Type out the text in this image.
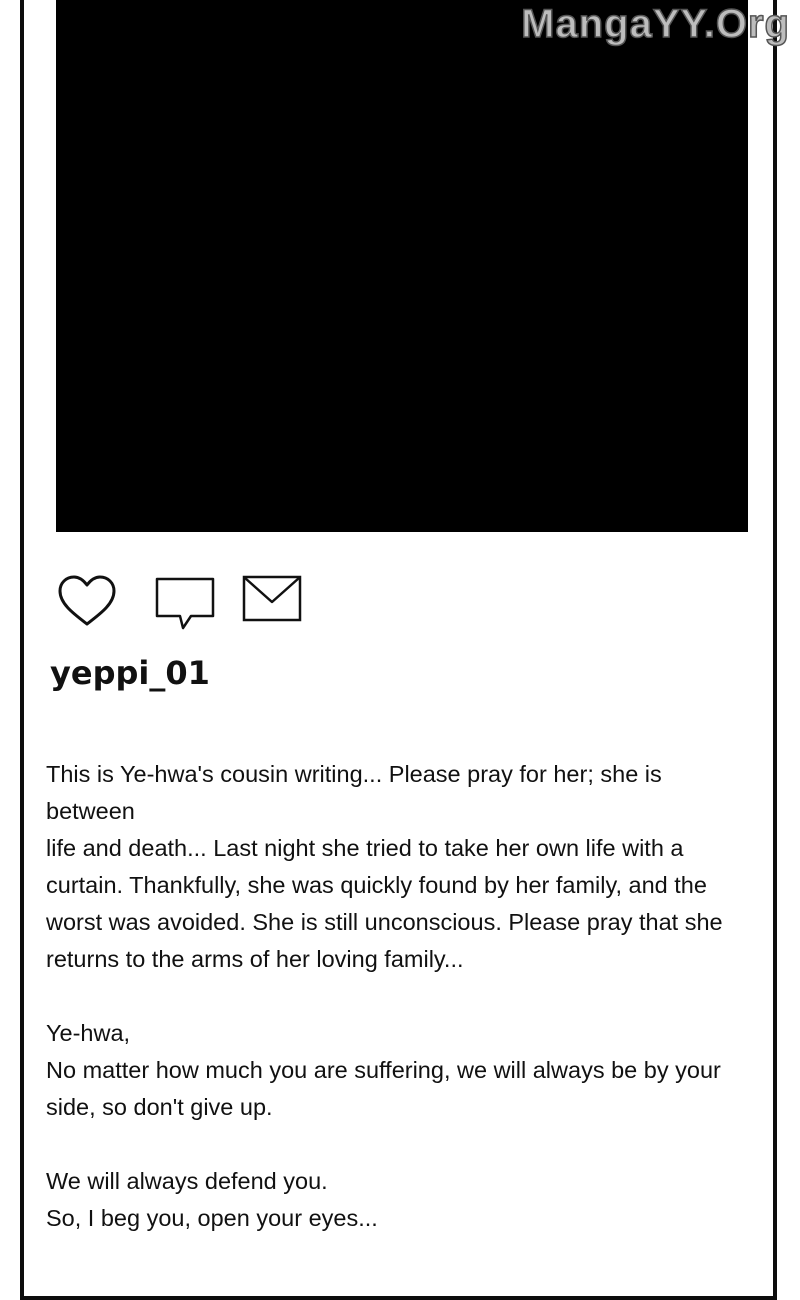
MangaYY.Org
yeppi_01

This is Ye-hwa's cousin writing... Please pray for her; she is between

life and death... Last night she tried to take her own life with a

curtain. Thankfully, she was quickly found by her family, and the

worst was avoided. She is still unconscious. Please pray that she

returns to the arms of her loving family...

Ye-hwa,

No matter how much you are suffering, we will always be by your

side, so don't give up.

We will always defend you.

So, I beg you, open your eyes...
